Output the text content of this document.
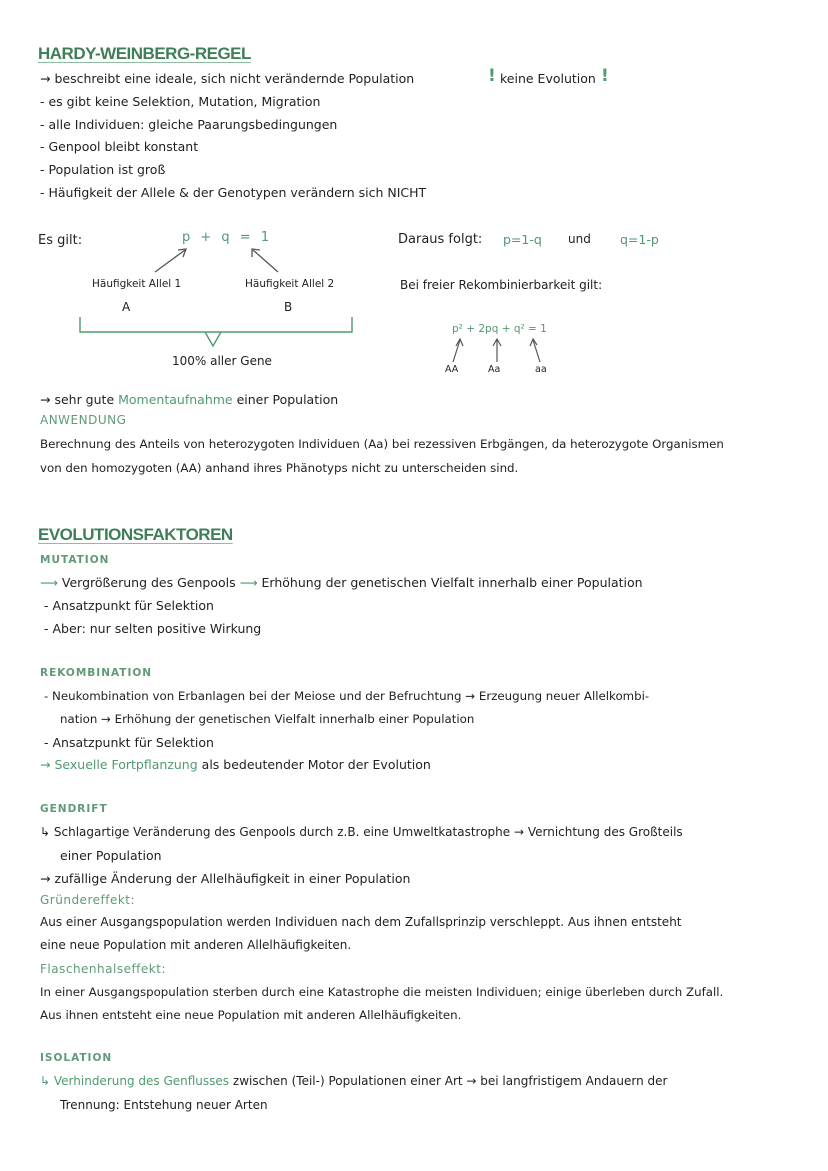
HARDY-WEINBERG-REGEL
→ beschreibt eine ideale, sich nicht verändernde Population
- es gibt keine Selektion, Mutation, Migration
- alle Individuen: gleiche Paarungsbedingungen
- Genpool bleibt konstant
- Population ist groß
- Häufigkeit der Allele & der Genotypen verändern sich NICHT
! keine Evolution !
Es gilt:	p + q = 1
Häufigkeit Allel 1
A
Häufigkeit Allel 2
B
100% aller Gene
Daraus folgt: p=1-q und q=1-p
Bei freier Rekombinierbarkeit gilt:
p² + 2pq + q² = 1
AA	Aa	aa
→ sehr gute Momentaufnahme einer Population
ANWENDUNG
Berechnung des Anteils von heterozygoten Individuen (Aa) bei rezessiven Erbgängen, da heterozygote Organismen
von den homozygoten (AA) anhand ihres Phänotyps nicht zu unterscheiden sind.
EVOLUTIONSFAKTOREN
MUTATION
⟶ Vergrößerung des Genpools ⟶ Erhöhung der genetischen Vielfalt innerhalb einer Population
- Ansatzpunkt für Selektion
- Aber: nur selten positive Wirkung
REKOMBINATION
- Neukombination von Erbanlagen bei der Meiose und der Befruchtung → Erzeugung neuer Allelkombi-
nation → Erhöhung der genetischen Vielfalt innerhalb einer Population
- Ansatzpunkt für Selektion
→ Sexuelle Fortpflanzung als bedeutender Motor der Evolution
GENDRIFT
↳ Schlagartige Veränderung des Genpools durch z.B. eine Umweltkatastrophe → Vernichtung des Großteils
einer Population
→ zufällige Änderung der Allelhäufigkeit in einer Population
Gründereffekt:
Aus einer Ausgangspopulation werden Individuen nach dem Zufallsprinzip verschleppt. Aus ihnen entsteht
eine neue Population mit anderen Allelhäufigkeiten.
Flaschenhalseffekt:
In einer Ausgangspopulation sterben durch eine Katastrophe die meisten Individuen; einige überleben durch Zufall.
Aus ihnen entsteht eine neue Population mit anderen Allelhäufigkeiten.
ISOLATION
↳ Verhinderung des Genflusses zwischen (Teil-) Populationen einer Art → bei langfristigem Andauern der
Trennung: Entstehung neuer Arten
